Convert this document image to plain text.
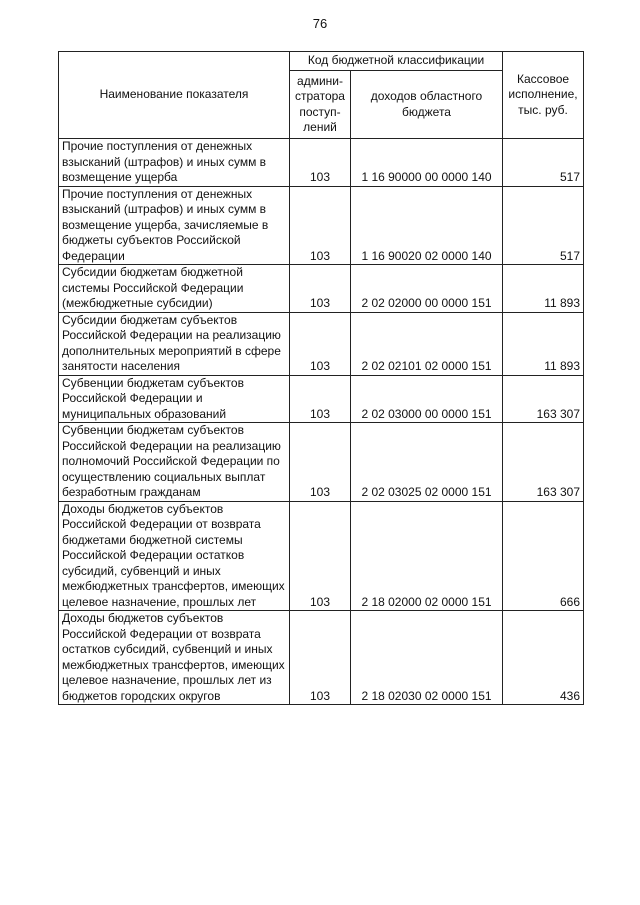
76
Наименование показателя	Код бюджетной классификации		Кассовое исполнение, тыс. руб.
	админи-стратора поступ-лений	доходов областного бюджета	
Прочие поступления от денежных взысканий (штрафов) и иных сумм в возмещение ущерба	103	1 16 90000 00 0000 140	517
Прочие поступления от денежных взысканий (штрафов) и иных сумм в возмещение ущерба, зачисляемые в бюджеты субъектов Российской Федерации	103	1 16 90020 02 0000 140	517
Субсидии бюджетам бюджетной системы Российской Федерации (межбюджетные субсидии)	103	2 02 02000 00 0000 151	11 893
Субсидии бюджетам субъектов Российской Федерации на реализацию дополнительных мероприятий в сфере занятости населения	103	2 02 02101 02 0000 151	11 893
Субвенции бюджетам субъектов Российской Федерации и муниципальных образований	103	2 02 03000 00 0000 151	163 307
Субвенции бюджетам субъектов Российской Федерации на реализацию полномочий Российской Федерации по осуществлению социальных выплат безработным гражданам	103	2 02 03025 02 0000 151	163 307
Доходы бюджетов субъектов Российской Федерации от возврата бюджетами бюджетной системы Российской Федерации остатков субсидий, субвенций и иных межбюджетных трансфертов, имеющих целевое назначение, прошлых лет	103	2 18 02000 02 0000 151	666
Доходы бюджетов субъектов Российской Федерации от возврата остатков субсидий, субвенций и иных межбюджетных трансфертов, имеющих целевое назначение, прошлых лет из бюджетов городских округов	103	2 18 02030 02 0000 151	436
